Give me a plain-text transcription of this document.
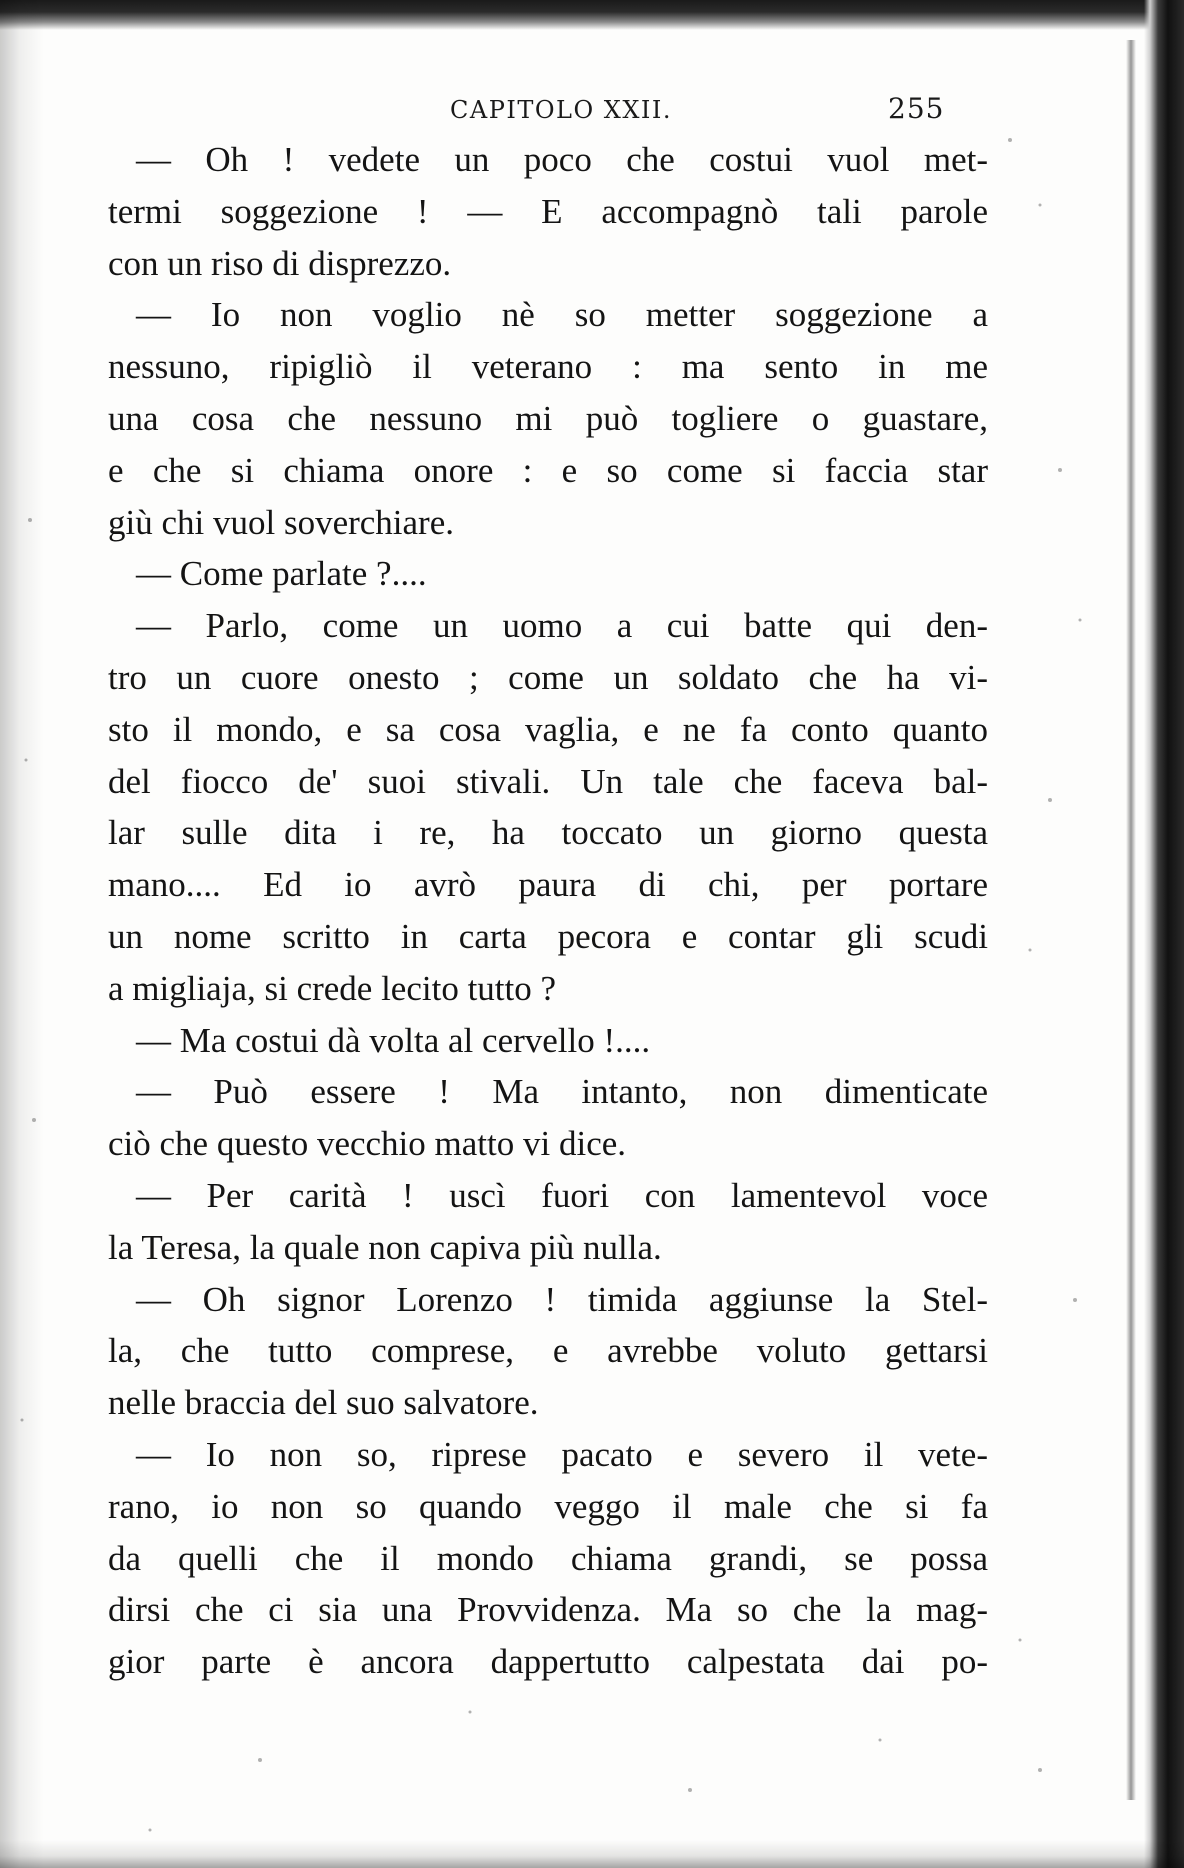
CAPITOLO XXII.	255
— Oh ! vedete un poco che costui vuol met-
termi soggezione ! — E accompagnò tali parole
con un riso di disprezzo.
— Io non voglio nè so metter soggezione a
nessuno, ripigliò il veterano : ma sento in me
una cosa che nessuno mi può togliere o guastare,
e che si chiama onore : e so come si faccia star
giù chi vuol soverchiare.
— Come parlate ?....
— Parlo, come un uomo a cui batte qui den-
tro un cuore onesto ; come un soldato che ha vi-
sto il mondo, e sa cosa vaglia, e ne fa conto quanto
del fiocco de' suoi stivali. Un tale che faceva bal-
lar sulle dita i re, ha toccato un giorno questa
mano.... Ed io avrò paura di chi, per portare
un nome scritto in carta pecora e contar gli scudi
a migliaja, si crede lecito tutto ?
— Ma costui dà volta al cervello !....
— Può essere ! Ma intanto, non dimenticate
ciò che questo vecchio matto vi dice.
— Per carità ! uscì fuori con lamentevol voce
la Teresa, la quale non capiva più nulla.
— Oh signor Lorenzo ! timida aggiunse la Stel-
la, che tutto comprese, e avrebbe voluto gettarsi
nelle braccia del suo salvatore.
— Io non so, riprese pacato e severo il vete-
rano, io non so quando veggo il male che si fa
da quelli che il mondo chiama grandi, se possa
dirsi che ci sia una Provvidenza. Ma so che la mag-
gior parte è ancora dappertutto calpestata dai po-
